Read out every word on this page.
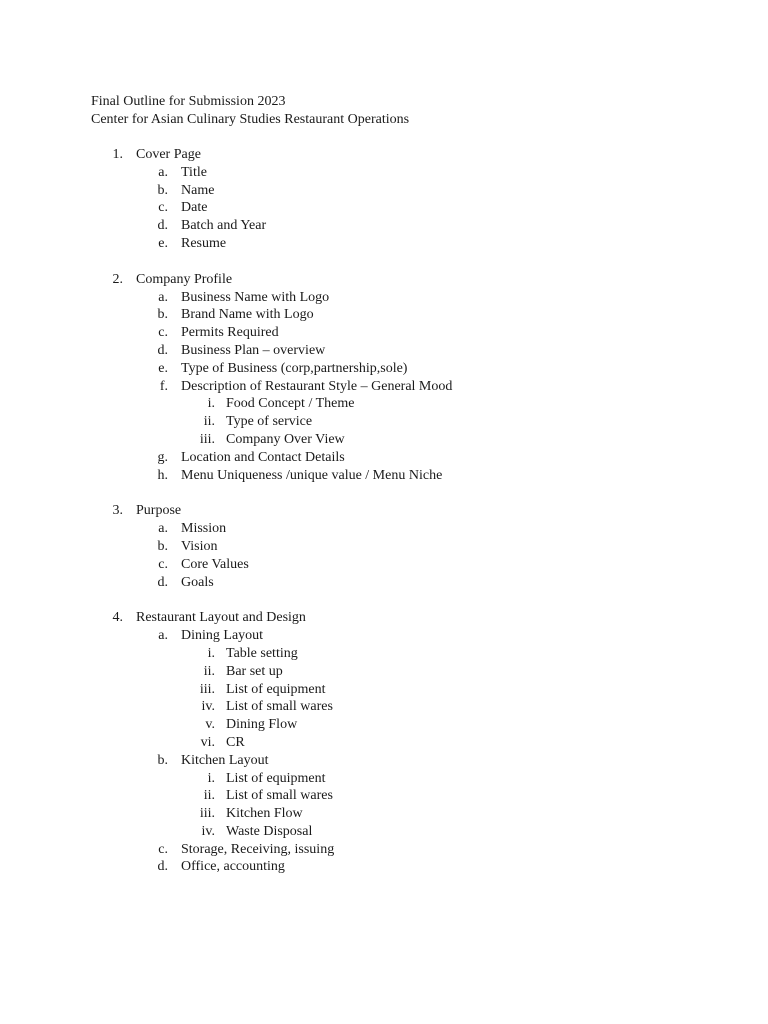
Final Outline for Submission 2023
Center for Asian Culinary Studies Restaurant Operations
1. Cover Page
a. Title
b. Name
c. Date
d. Batch and Year
e. Resume
2. Company Profile
a. Business Name with Logo
b. Brand Name with Logo
c. Permits Required
d. Business Plan – overview
e. Type of Business (corp,partnership,sole)
f. Description of Restaurant Style – General Mood
i. Food Concept / Theme
ii. Type of service
iii. Company Over View
g. Location and Contact Details
h. Menu Uniqueness /unique value / Menu Niche
3. Purpose
a. Mission
b. Vision
c. Core Values
d. Goals
4. Restaurant Layout and Design
a. Dining Layout
i. Table setting
ii. Bar set up
iii. List of equipment
iv. List of small wares
v. Dining Flow
vi. CR
b. Kitchen Layout
i. List of equipment
ii. List of small wares
iii. Kitchen Flow
iv. Waste Disposal
c. Storage, Receiving, issuing
d. Office, accounting
